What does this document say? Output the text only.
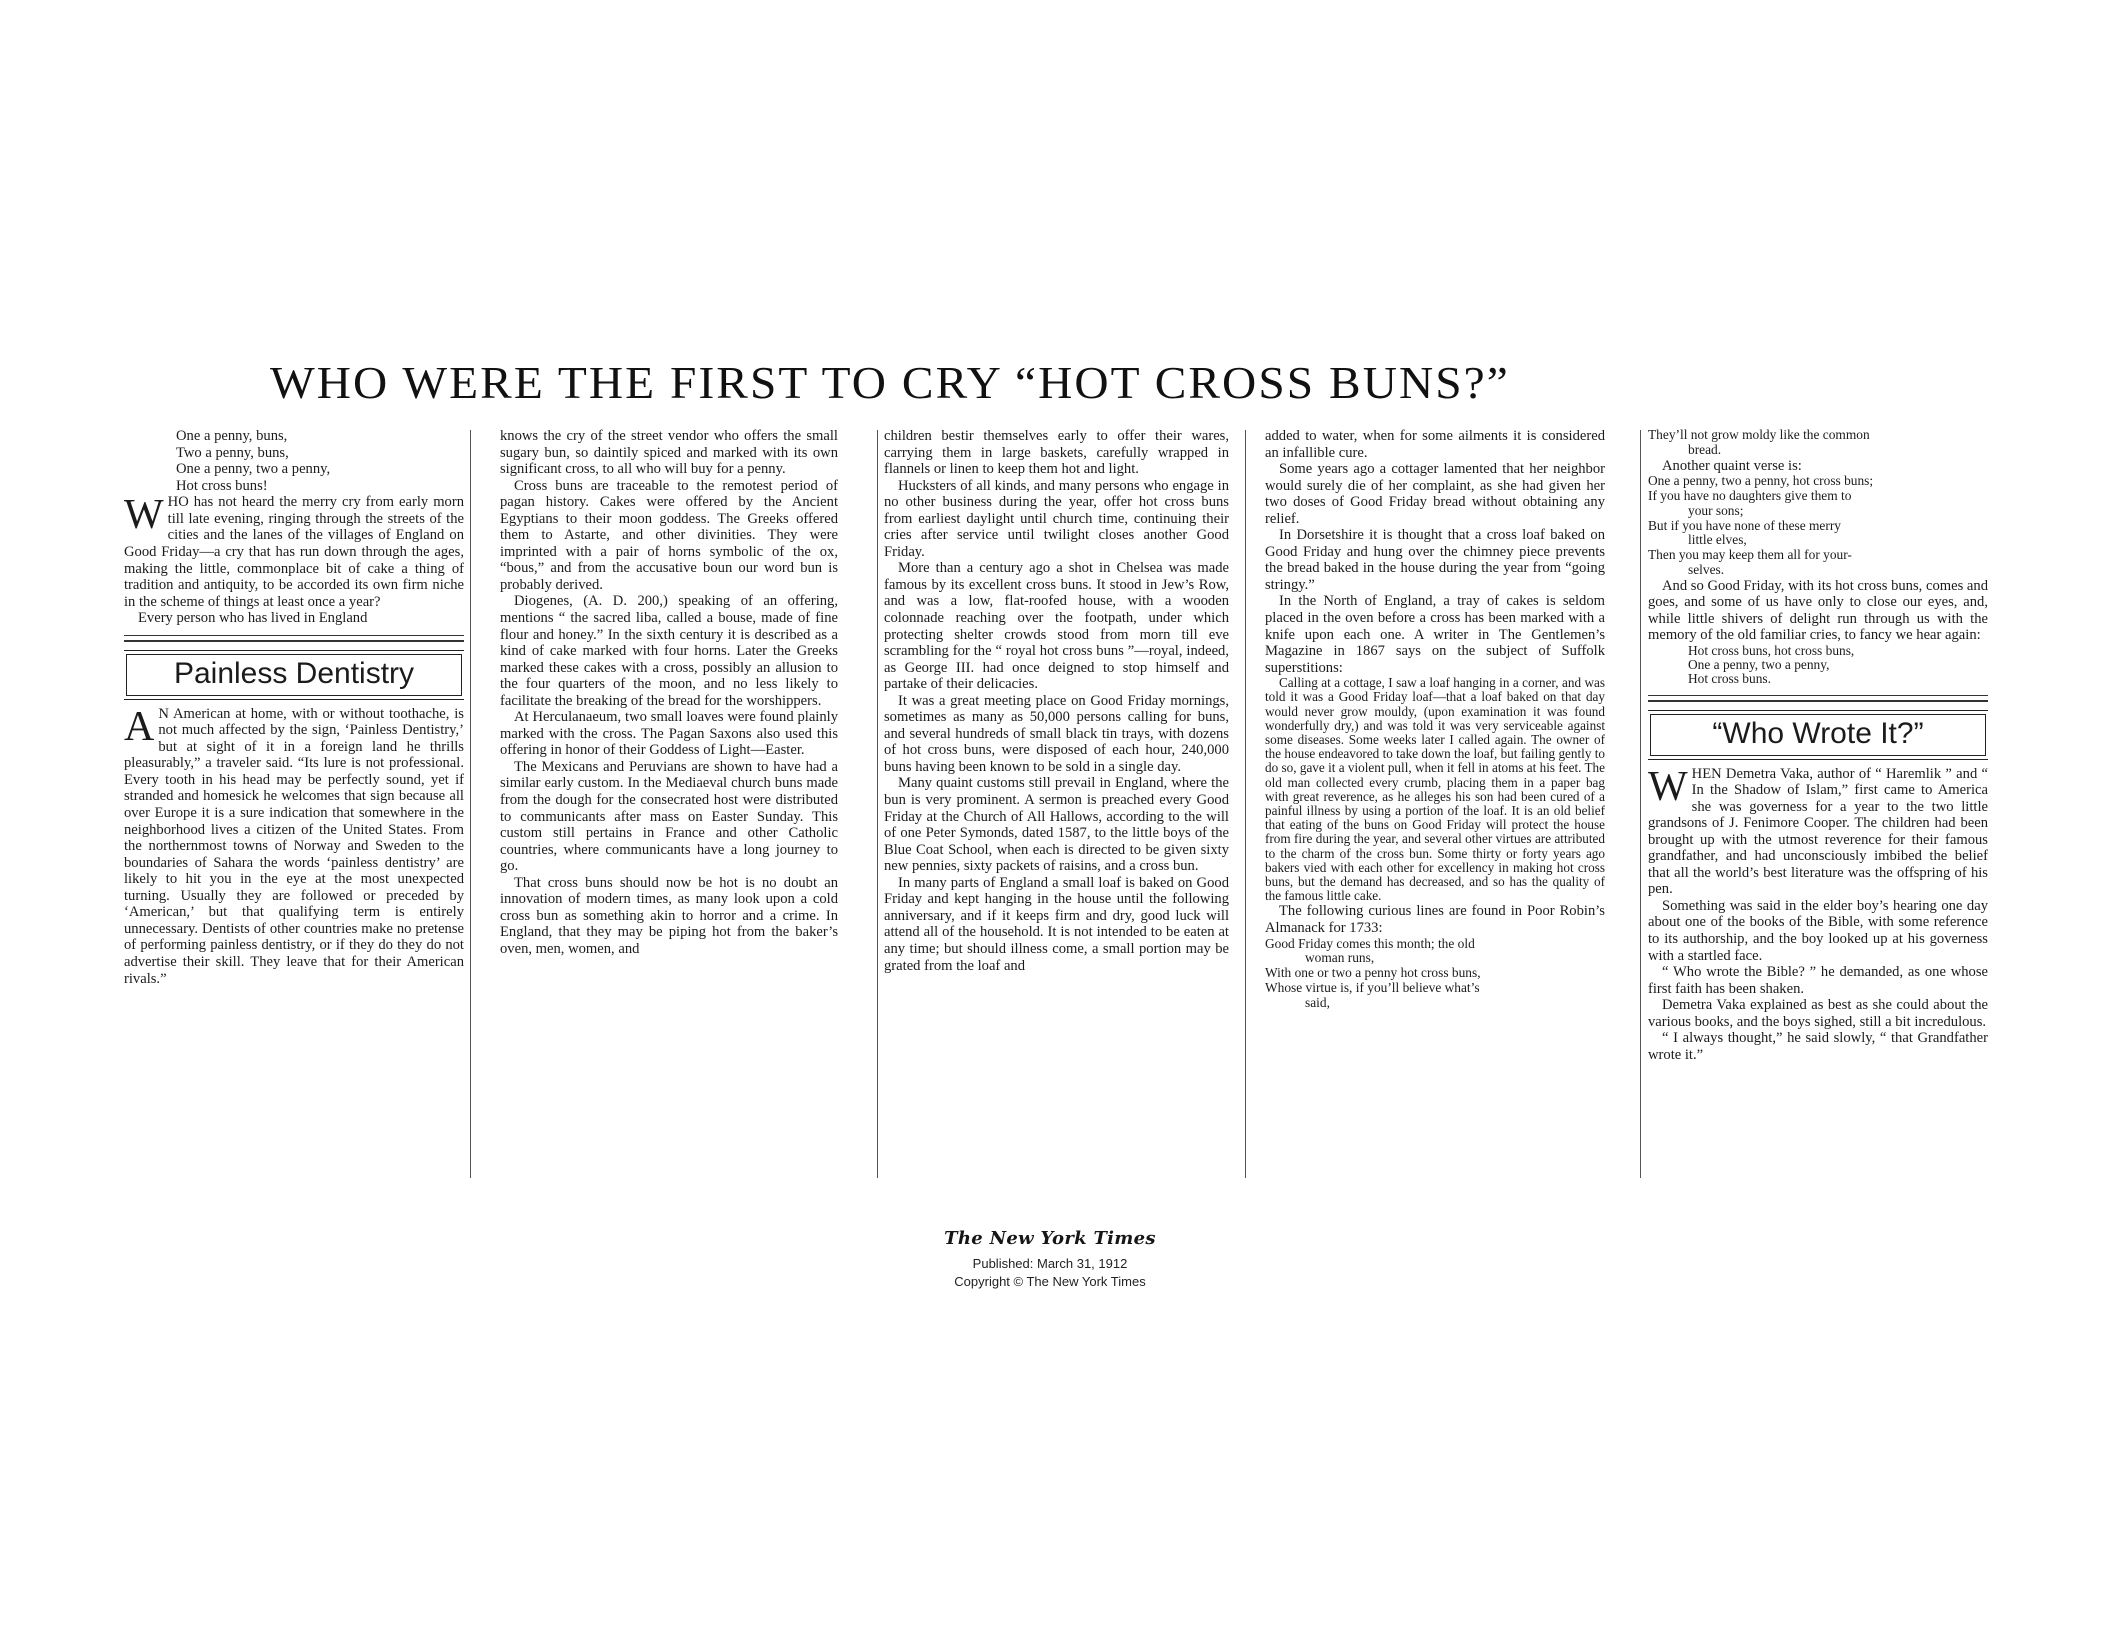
WHO WERE THE FIRST TO CRY “HOT CROSS BUNS?”
One a penny, buns,
Two a penny, buns,
One a penny, two a penny,
Hot cross buns!

WHO has not heard the merry cry from early morn till late evening, ringing through the streets of the cities and the lanes of the villages of England on Good Friday—a cry that has run down through the ages, making the little, commonplace bit of cake a thing of tradition and antiquity, to be accorded its own firm niche in the scheme of things at least once a year?

Every person who has lived in England

Painless Dentistry

A N American at home, with or without toothache, is not much affected by the sign, ‘Painless Dentistry,’ but at sight of it in a foreign land he thrills pleasurably,” a traveler said. “Its lure is not professional. Every tooth in his head may be perfectly sound, yet if stranded and homesick he welcomes that sign because all over Europe it is a sure indication that somewhere in the neighborhood lives a citizen of the United States. From the northernmost towns of Norway and Sweden to the boundaries of Sahara the words ‘painless dentistry’ are likely to hit you in the eye at the most unexpected turning. Usually they are followed or preceded by ‘American,’ but that qualifying term is entirely unnecessary. Dentists of other countries make no pretense of performing painless dentistry, or if they do they do not advertise their skill. They leave that for their American rivals.”

knows the cry of the street vendor who offers the small sugary bun, so daintily spiced and marked with its own significant cross, to all who will buy for a penny.

Cross buns are traceable to the remotest period of pagan history. Cakes were offered by the Ancient Egyptians to their moon goddess. The Greeks offered them to Astarte, and other divinities. They were imprinted with a pair of horns symbolic of the ox, “bous,” and from the accusative boun our word bun is probably derived.

Diogenes, (A. D. 200,) speaking of an offering, mentions “ the sacred liba, called a bouse, made of fine flour and honey.” In the sixth century it is described as a kind of cake marked with four horns. Later the Greeks marked these cakes with a cross, possibly an allusion to the four quarters of the moon, and no less likely to facilitate the breaking of the bread for the worshippers.

At Herculanaeum, two small loaves were found plainly marked with the cross. The Pagan Saxons also used this offering in honor of their Goddess of Light—Easter.

The Mexicans and Peruvians are shown to have had a similar early custom. In the Mediaeval church buns made from the dough for the consecrated host were distributed to communicants after mass on Easter Sunday. This custom still pertains in France and other Catholic countries, where communicants have a long journey to go.

That cross buns should now be hot is no doubt an innovation of modern times, as many look upon a cold cross bun as something akin to horror and a crime. In England, that they may be piping hot from the baker’s oven, men, women, and

children bestir themselves early to offer their wares, carrying them in large baskets, carefully wrapped in flannels or linen to keep them hot and light.

Hucksters of all kinds, and many persons who engage in no other business during the year, offer hot cross buns from earliest daylight until church time, continuing their cries after service until twilight closes another Good Friday.

More than a century ago a shot in Chelsea was made famous by its excellent cross buns. It stood in Jew’s Row, and was a low, flat-roofed house, with a wooden colonnade reaching over the footpath, under which protecting shelter crowds stood from morn till eve scrambling for the “ royal hot cross buns ”—royal, indeed, as George III. had once deigned to stop himself and partake of their delicacies.

It was a great meeting place on Good Friday mornings, sometimes as many as 50,000 persons calling for buns, and several hundreds of small black tin trays, with dozens of hot cross buns, were disposed of each hour, 240,000 buns having been known to be sold in a single day.

Many quaint customs still prevail in England, where the bun is very prominent. A sermon is preached every Good Friday at the Church of All Hallows, according to the will of one Peter Symonds, dated 1587, to the little boys of the Blue Coat School, when each is directed to be given sixty new pennies, sixty packets of raisins, and a cross bun.

In many parts of England a small loaf is baked on Good Friday and kept hanging in the house until the following anniversary, and if it keeps firm and dry, good luck will attend all of the household. It is not intended to be eaten at any time; but should illness come, a small portion may be grated from the loaf and

added to water, when for some ailments it is considered an infallible cure.

Some years ago a cottager lamented that her neighbor would surely die of her complaint, as she had given her two doses of Good Friday bread without obtaining any relief.

In Dorsetshire it is thought that a cross loaf baked on Good Friday and hung over the chimney piece prevents the bread baked in the house during the year from “going stringy.”

In the North of England, a tray of cakes is seldom placed in the oven before a cross has been marked with a knife upon each one. A writer in The Gentlemen’s Magazine in 1867 says on the subject of Suffolk superstitions:

Calling at a cottage, I saw a loaf hanging in a corner, and was told it was a Good Friday loaf—that a loaf baked on that day would never grow mouldy, (upon examination it was found wonderfully dry,) and was told it was very serviceable against some diseases. Some weeks later I called again. The owner of the house endeavored to take down the loaf, but failing gently to do so, gave it a violent pull, when it fell in atoms at his feet. The old man collected every crumb, placing them in a paper bag with great reverence, as he alleges his son had been cured of a painful illness by using a portion of the loaf. It is an old belief that eating of the buns on Good Friday will protect the house from fire during the year, and several other virtues are attributed to the charm of the cross bun. Some thirty or forty years ago bakers vied with each other for excellency in making hot cross buns, but the demand has decreased, and so has the quality of the famous little cake.

The following curious lines are found in Poor Robin’s Almanack for 1733:

Good Friday comes this month; the old
woman runs,
With one or two a penny hot cross buns,
Whose virtue is, if you’ll believe what’s
said,
They’ll not grow moldy like the common
bread.

Another quaint verse is:

One a penny, two a penny, hot cross buns;
If you have no daughters give them to
your sons;
But if you have none of these merry
little elves,
Then you may keep them all for your-
selves.

And so Good Friday, with its hot cross buns, comes and goes, and some of us have only to close our eyes, and, while little shivers of delight run through us with the memory of the old familiar cries, to fancy we hear again:

Hot cross buns, hot cross buns,
One a penny, two a penny,
Hot cross buns.
“Who Wrote It?”

WHEN Demetra Vaka, author of “ Haremlik ” and “ In the Shadow of Islam,” first came to America she was governess for a year to the two little grandsons of J. Fenimore Cooper. The children had been brought up with the utmost reverence for their famous grandfather, and had unconsciously imbibed the belief that all the world’s best literature was the offspring of his pen.

Something was said in the elder boy’s hearing one day about one of the books of the Bible, with some reference to its authorship, and the boy looked up at his governess with a startled face.

“ Who wrote the Bible? ” he demanded, as one whose first faith has been shaken.

Demetra Vaka explained as best as she could about the various books, and the boys sighed, still a bit incredulous.

“ I always thought,” he said slowly, “ that Grandfather wrote it.”

The New York Times
Published: March 31, 1912
Copyright © The New York Times
